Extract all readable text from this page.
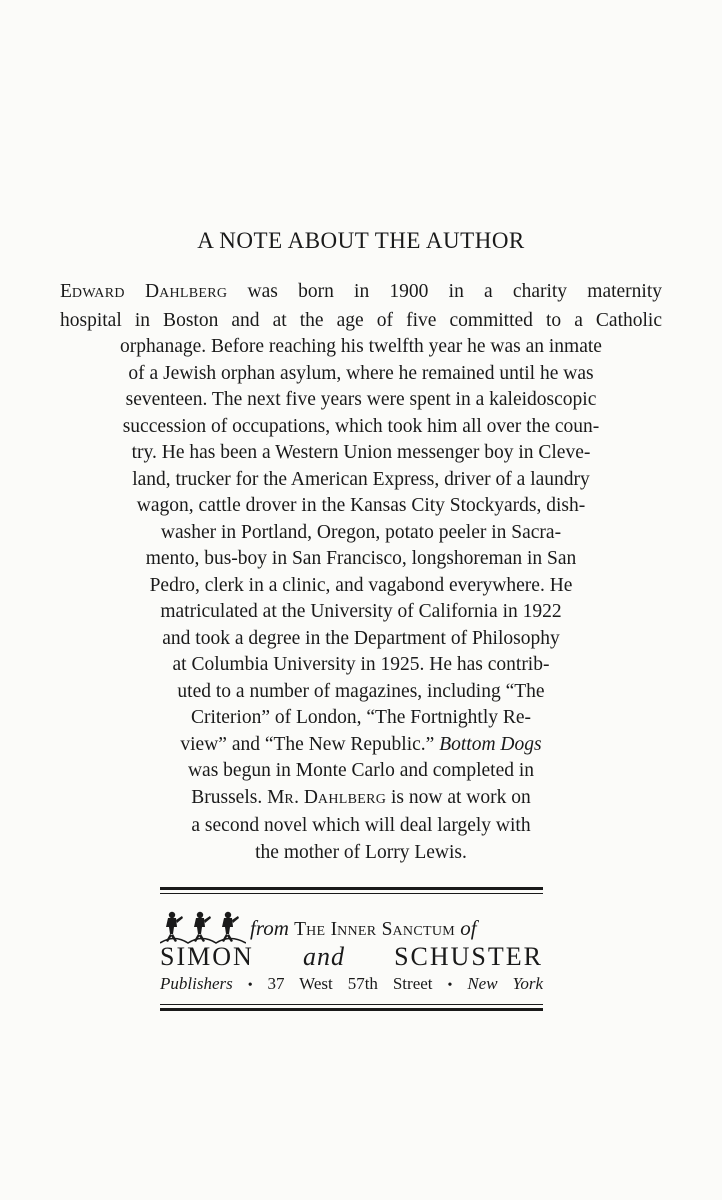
A NOTE ABOUT THE AUTHOR
EDWARD DAHLBERG was born in 1900 in a charity maternity
hospital in Boston and at the age of five committed to a Catholic
orphanage. Before reaching his twelfth year he was an inmate
of a Jewish orphan asylum, where he remained until he was
seventeen. The next five years were spent in a kaleidoscopic
succession of occupations, which took him all over the coun-
try. He has been a Western Union messenger boy in Cleve-
land, trucker for the American Express, driver of a laundry
wagon, cattle drover in the Kansas City Stockyards, dish-
washer in Portland, Oregon, potato peeler in Sacra-
mento, bus-boy in San Francisco, longshoreman in San
Pedro, clerk in a clinic, and vagabond everywhere. He
matriculated at the University of California in 1922
and took a degree in the Department of Philosophy
at Columbia University in 1925. He has contrib-
uted to a number of magazines, including “The
Criterion” of London, “The Fortnightly Re-
view” and “The New Republic.” Bottom Dogs
was begun in Monte Carlo and completed in
Brussels. MR. DAHLBERG is now at work on
a second novel which will deal largely with
the mother of Lorry Lewis.
from THE INNER SANCTUM of
SIMON and SCHUSTER
Publishers • 37 West 57th Street • New York
